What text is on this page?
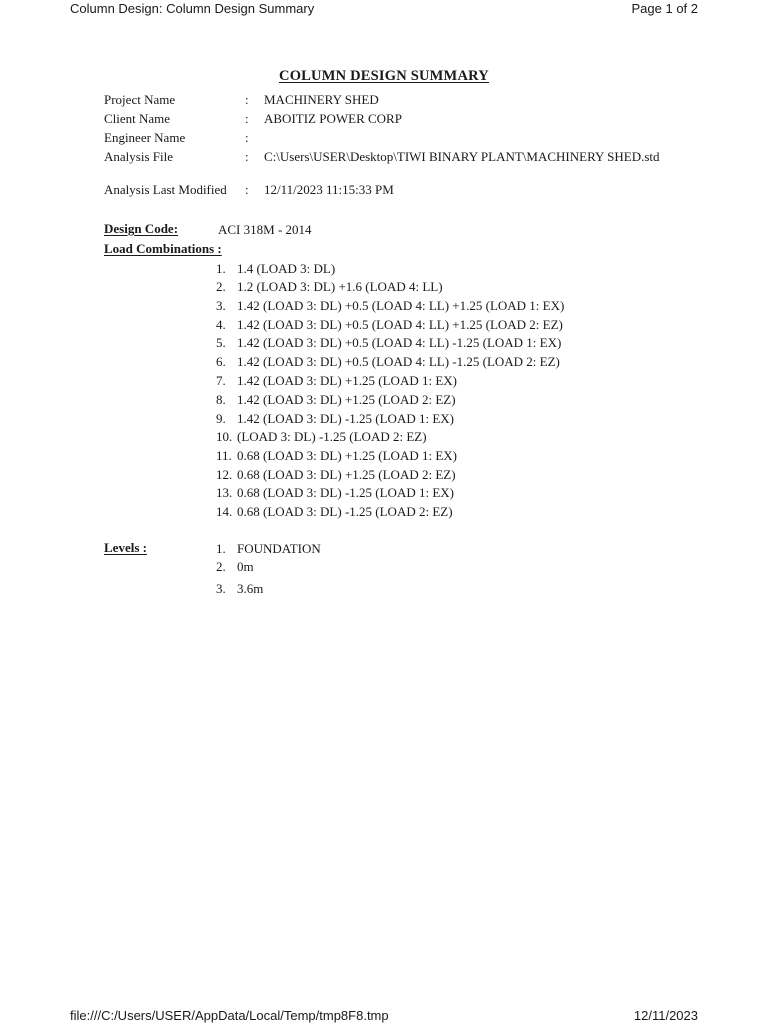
Column Design: Column Design Summary	Page 1 of 2
COLUMN DESIGN SUMMARY
Project Name	: MACHINERY SHED
Client Name	: ABOITIZ POWER CORP
Engineer Name	:
Analysis File	: C:\Users\USER\Desktop\TIWI BINARY PLANT\MACHINERY SHED.std
Analysis Last Modified : 12/11/2023 11:15:33 PM
Design Code:	ACI 318M - 2014
Load Combinations :
1. 1.4 (LOAD 3: DL)
2. 1.2 (LOAD 3: DL) +1.6 (LOAD 4: LL)
3. 1.42 (LOAD 3: DL) +0.5 (LOAD 4: LL) +1.25 (LOAD 1: EX)
4. 1.42 (LOAD 3: DL) +0.5 (LOAD 4: LL) +1.25 (LOAD 2: EZ)
5. 1.42 (LOAD 3: DL) +0.5 (LOAD 4: LL) -1.25 (LOAD 1: EX)
6. 1.42 (LOAD 3: DL) +0.5 (LOAD 4: LL) -1.25 (LOAD 2: EZ)
7. 1.42 (LOAD 3: DL) +1.25 (LOAD 1: EX)
8. 1.42 (LOAD 3: DL) +1.25 (LOAD 2: EZ)
9. 1.42 (LOAD 3: DL) -1.25 (LOAD 1: EX)
10. (LOAD 3: DL) -1.25 (LOAD 2: EZ)
11. 0.68 (LOAD 3: DL) +1.25 (LOAD 1: EX)
12. 0.68 (LOAD 3: DL) +1.25 (LOAD 2: EZ)
13. 0.68 (LOAD 3: DL) -1.25 (LOAD 1: EX)
14. 0.68 (LOAD 3: DL) -1.25 (LOAD 2: EZ)
Levels :	1. FOUNDATION
2. 0m
3. 3.6m
file:///C:/Users/USER/AppData/Local/Temp/tmp8F8.tmp	12/11/2023
